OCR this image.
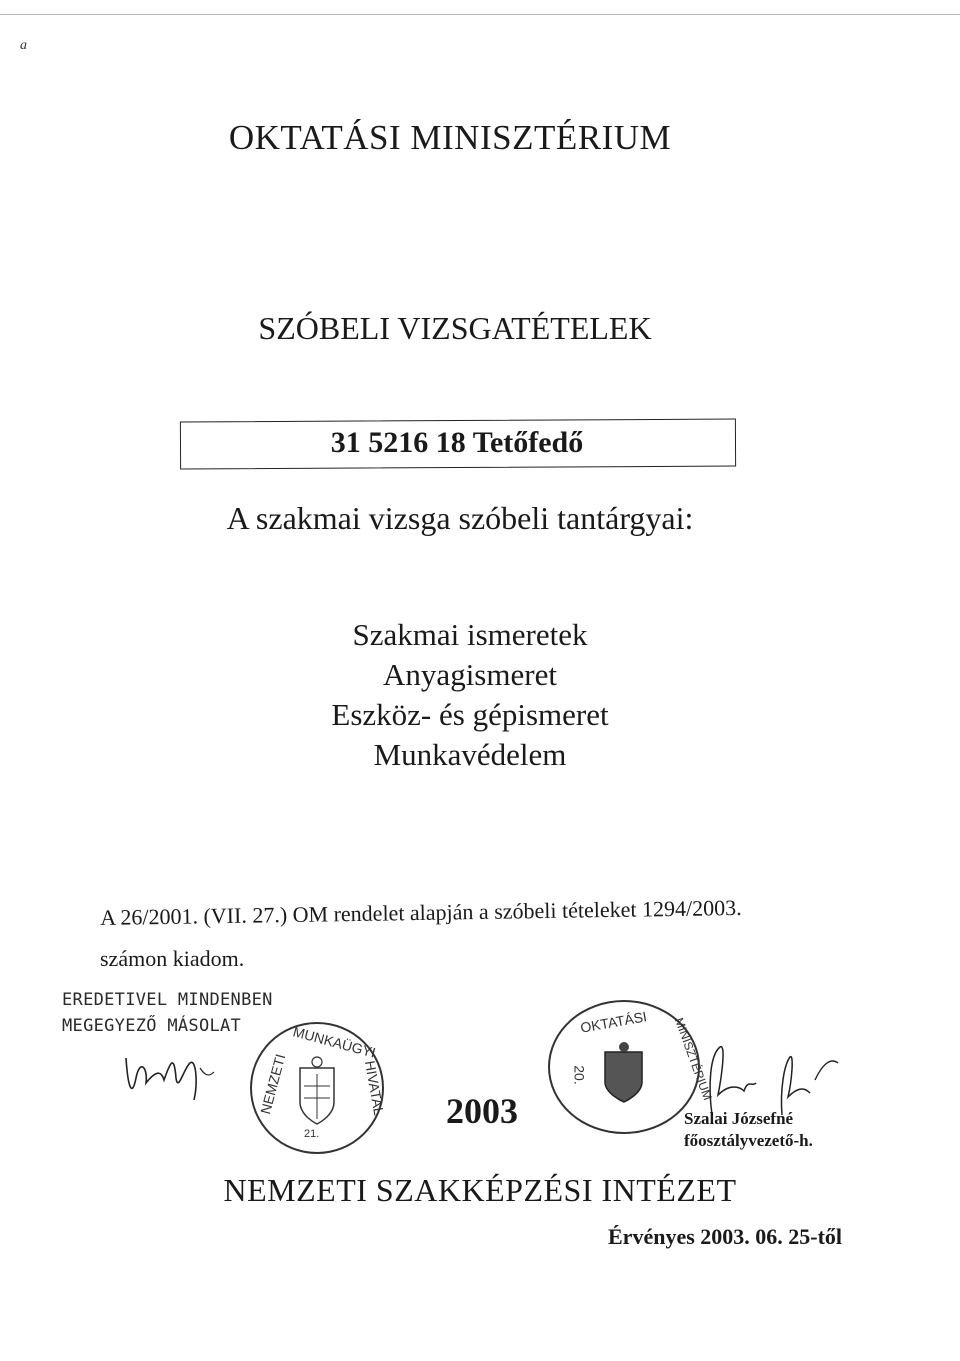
a
OKTATÁSI MINISZTÉRIUM
SZÓBELI VIZSGATÉTELEK
31 5216 18 Tetőfedő
A szakmai vizsga szóbeli tantárgyai:
Szakmai ismeretek
Anyagismeret
Eszköz- és gépismeret
Munkavédelem
A 26/2001. (VII. 27.) OM rendelet alapján a szóbeli tételeket 1294/2003.
számon kiadom.
EREDETIVEL MINDENBEN
MEGEGYEZŐ MÁSOLAT	MUNKAÜGYI
NEMZETI	HIVATAL
21.
OKTATÁSI MINISZTÉRIUM
20.
2003	Szalai Józsefné
főosztályvezető-h.
NEMZETI SZAKKÉPZÉSI INTÉZET
Érvényes 2003. 06. 25-től
